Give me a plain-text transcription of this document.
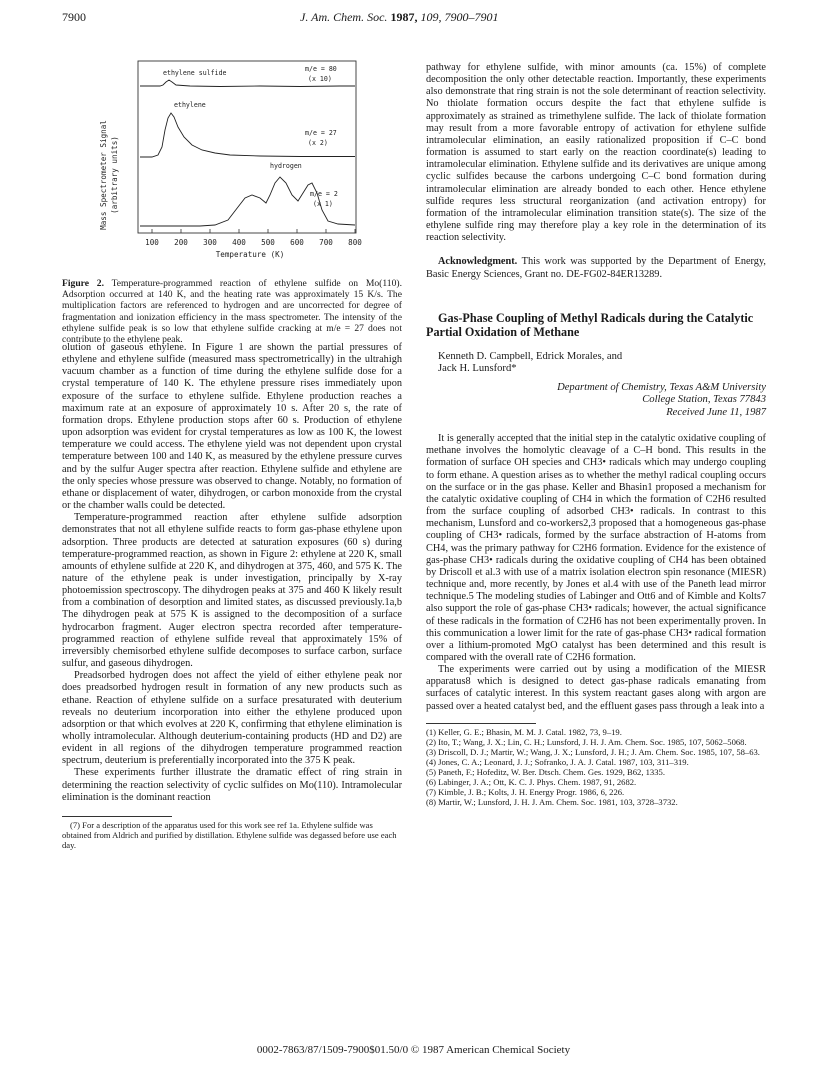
7900	J. Am. Chem. Soc. 1987, 109, 7900–7901
Mass Spectrometer Signal (arbitrary units)
100 200 300 400 500 600 700 800
Temperature (K)
ethylene sulfide	m/e = 80
(x 10)
ethylene
m/e = 27
(x 2)
hydrogen
m/e = 2
(x 1)
Figure 2. Temperature-programmed reaction of ethylene sulfide on Mo(110). Adsorption occurred at 140 K, and the heating rate was approximately 15 K/s. The multiplication factors are referenced to hydrogen and are uncorrected for degree of fragmentation and ionization efficiency in the mass spectrometer. The intensity of the ethylene sulfide peak is so low that ethylene sulfide cracking at m/e = 27 does not contribute to the ethylene peak.

olution of gaseous ethylene. In Figure 1 are shown the partial pressures of ethylene and ethylene sulfide (measured mass spectrometrically) in the ultrahigh vacuum chamber as a function of time during the ethylene sulfide dose for a crystal temperature of 140 K. The ethylene pressure rises immediately upon exposure of the surface to ethylene sulfide. Ethylene production reaches a maximum rate at an exposure of approximately 10 s. After 20 s, the rate of formation drops. Ethylene production stops after 60 s. Production of ethylene upon adsorption was evident for crystal temperatures as low as 100 K, the lowest temperature we could access. The ethylene yield was not dependent upon crystal temperature between 100 and 140 K, as measured by the ethylene pressure curves and by the sulfur Auger spectra after reaction. Ethylene sulfide and ethylene are the only species whose pressure was observed to change. Notably, no formation of ethane or displacement of water, dihydrogen, or carbon monoxide from the crystal or the chamber walls could be detected.

Temperature-programmed reaction after ethylene sulfide adsorption demonstrates that not all ethylene sulfide reacts to form gas-phase ethylene upon adsorption. Three products are detected at saturation exposures (60 s) during temperature-programmed reaction, as shown in Figure 2: ethylene at 220 K, small amounts of ethylene sulfide at 220 K, and dihydrogen at 375, 460, and 575 K. The nature of the ethylene peak is under investigation, principally by X-ray photoemission spectroscopy. The dihydrogen peaks at 375 and 460 K likely result from a combination of desorption and limited states, as discussed previously.1a,b The dihydrogen peak at 575 K is assigned to the decomposition of a surface hydrocarbon fragment. Auger electron spectra recorded after temperature-programmed reaction of ethylene sulfide reveal that approximately 15% of irreversibly chemisorbed ethylene sulfide decomposes to surface carbon, surface sulfur, and gaseous dihydrogen.

Preadsorbed hydrogen does not affect the yield of either ethylene peak nor does preadsorbed hydrogen result in formation of any new products such as ethane. Reaction of ethylene sulfide on a surface presaturated with deuterium reveals no deuterium incorporation into either the ethylene produced upon adsorption or that which evolves at 220 K, confirming that ethylene elimination is wholly intramolecular. Although deuterium-containing products (HD and D2) are evident in all regions of the dihydrogen temperature programmed reaction spectrum, deuterium is preferentially incorporated into the 375 K peak.

These experiments further illustrate the dramatic effect of ring strain in determining the reaction selectivity of cyclic sulfides on Mo(110). Intramolecular elimination is the dominant reaction

(7) For a description of the apparatus used for this work see ref 1a. Ethylene sulfide was obtained from Aldrich and purified by distillation. Ethylene sulfide was degassed before use each day.

pathway for ethylene sulfide, with minor amounts (ca. 15%) of complete decomposition the only other detectable reaction. Importantly, these experiments also demonstrate that ring strain is not the sole determinant of reaction selectivity. No thiolate formation occurs despite the fact that ethylene sulfide is approximately as strained as trimethylene sulfide. The lack of thiolate formation may result from a more favorable entropy of activation for ethylene sulfide intramolecular elimination, an easily rationalized proposition if C–C bond formation is assumed to start early on the reaction coordinate(s) leading to intramolecular elimination. Ethylene sulfide and its derivatives are unique among cyclic sulfides because the carbons undergoing C–C bond formation during intramolecular elimination are already bonded to each other. Hence ethylene sulfide requres less structural reorganization (and activation entropy) for formation of the intramolecular elimination transition state(s). The size of the ethylene sulfide ring may therefore play a key role in the determination of its reaction selectivity.

Acknowledgment. This work was supported by the Department of Energy, Basic Energy Sciences, Grant no. DE-FG02-84ER13289.

Gas-Phase Coupling of Methyl Radicals during the Catalytic Partial Oxidation of Methane

Kenneth D. Campbell, Edrick Morales, and

Jack H. Lunsford*

Department of Chemistry, Texas A&M University

College Station, Texas 77843

Received June 11, 1987

It is generally accepted that the initial step in the catalytic oxidative coupling of methane involves the homolytic cleavage of a C–H bond. This results in the formation of surface OH species and CH3• radicals which may undergo coupling to form ethane. A question arises as to whether the methyl radical coupling occurs on the surface or in the gas phase. Keller and Bhasin1 proposed a mechanism for the catalytic oxidative coupling of CH4 in which the formation of C2H6 resulted from the surface coupling of adsorbed CH3• radicals. In contrast to this mechanism, Lunsford and co-workers2,3 proposed that a homogeneous gas-phase coupling of CH3• radicals, formed by the surface abstraction of H-atoms from CH4, was the primary pathway for C2H6 formation. Evidence for the existence of gas-phase CH3• radicals during the oxidative coupling of CH4 has been obtained by Driscoll et al.3 with use of a matrix isolation electron spin resonance (MIESR) technique and, more recently, by Jones et al.4 with use of the Paneth lead mirror technique.5 The modeling studies of Labinger and Ott6 and of Kimble and Kolts7 also support the role of gas-phase CH3• radicals; however, the actual significance of these radicals in the formation of C2H6 has not been experimentally proven. In this communication a lower limit for the rate of gas-phase CH3• radical formation over a lithium-promoted MgO catalyst has been determined and this result is compared with the overall rate of C2H6 formation.

The experiments were carried out by using a modification of the MIESR apparatus8 which is designed to detect gas-phase radicals emanating from surfaces of catalytic interest. In this system reactant gases along with argon are passed over a heated catalyst bed, and the effluent gases pass through a leak into a

(1) Keller, G. E.; Bhasin, M. M. J. Catal. 1982, 73, 9–19.
(2) Ito, T.; Wang, J. X.; Lin, C. H.; Lunsford, J. H. J. Am. Chem. Soc. 1985, 107, 5062–5068.
(3) Driscoll, D. J.; Martir, W.; Wang, J. X.; Lunsford, J. H.; J. Am. Chem. Soc. 1985, 107, 58–63.
(4) Jones, C. A.; Leonard, J. J.; Sofranko, J. A. J. Catal. 1987, 103, 311–319.
(5) Paneth, F.; Hofeditz, W. Ber. Dtsch. Chem. Ges. 1929, B62, 1335.
(6) Labinger, J. A.; Ott, K. C. J. Phys. Chem. 1987, 91, 2682.
(7) Kimble, J. B.; Kolts, J. H. Energy Progr. 1986, 6, 226.
(8) Martir, W.; Lunsford, J. H. J. Am. Chem. Soc. 1981, 103, 3728–3732.
0002-7863/87/1509-7900$01.50/0 © 1987 American Chemical Society
